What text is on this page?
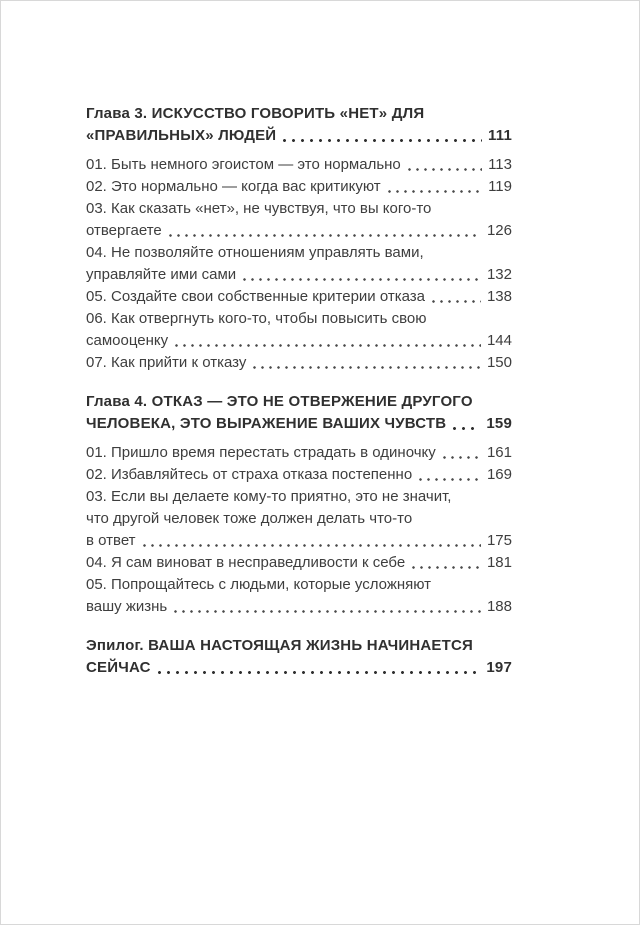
Глава 3. ИСКУССТВО ГОВОРИТЬ «НЕТ» ДЛЯ
«ПРАВИЛЬНЫХ» ЛЮДЕЙ	111
01. Быть немного эгоистом — это нормально	113
02. Это нормально — когда вас критикуют	119
03. Как сказать «нет», не чувствуя, что вы кого-то
отвергаете	126
04. Не позволяйте отношениям управлять вами,
управляйте ими сами	132
05. Создайте свои собственные критерии отказа	138
06. Как отвергнуть кого-то, чтобы повысить свою
самооценку	144
07. Как прийти к отказу	150
Глава 4. ОТКАЗ — ЭТО НЕ ОТВЕРЖЕНИЕ ДРУГОГО
ЧЕЛОВЕКА, ЭТО ВЫРАЖЕНИЕ ВАШИХ ЧУВСТВ	159
01. Пришло время перестать страдать в одиночку	161
02. Избавляйтесь от страха отказа постепенно	169
03. Если вы делаете кому-то приятно, это не значит,
что другой человек тоже должен делать что-то
в ответ	175
04. Я сам виноват в несправедливости к себе	181
05. Попрощайтесь с людьми, которые усложняют
вашу жизнь	188
Эпилог. ВАША НАСТОЯЩАЯ ЖИЗНЬ НАЧИНАЕТСЯ
СЕЙЧАС	197
